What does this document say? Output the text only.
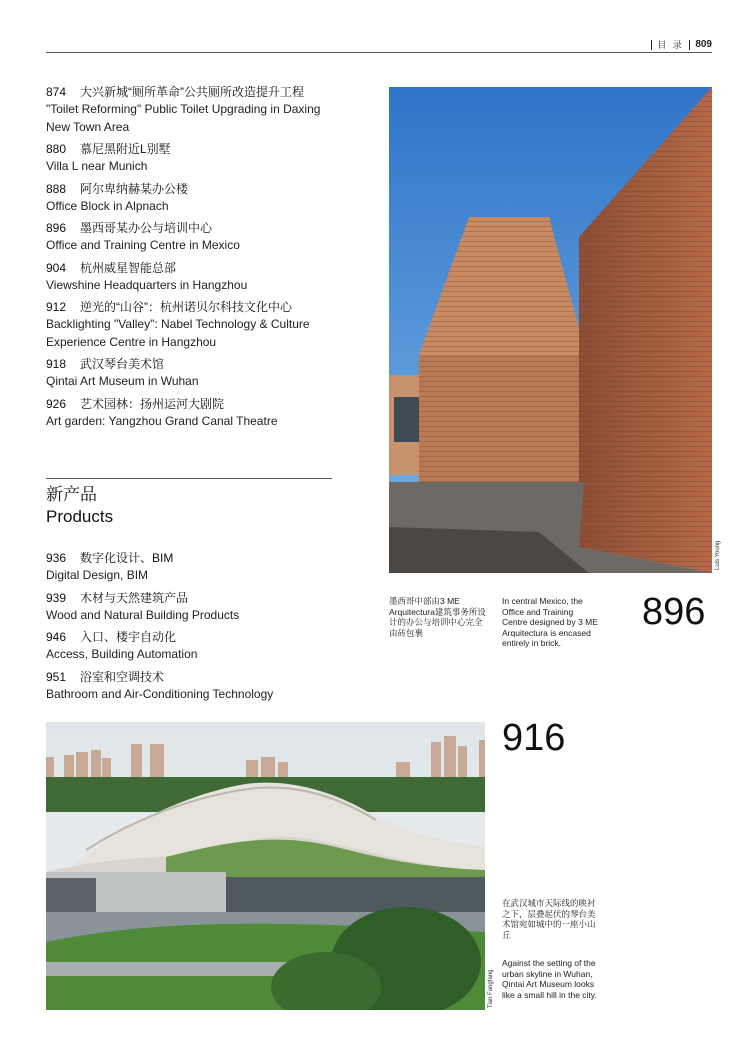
目 录 809
874 大兴新城“厕所革命”公共厕所改造提升工程
"Toilet Reforming" Public Toilet Upgrading in Daxing New Town Area
880 慕尼黑附近L别墅
Villa L near Munich
888 阿尔卑纳赫某办公楼
Office Block in Alpnach
896 墨西哥某办公与培训中心
Office and Training Centre in Mexico
904 杭州威星智能总部
Viewshine Headquarters in Hangzhou
912 逆光的“山谷”：杭州诺贝尔科技文化中心
Backlighting "Valley": Nabel Technology & Culture Experience Centre in Hangzhou
918 武汉琴台美术馆
Qintai Art Museum in Wuhan
926 艺术园林：扬州运河大剧院
Art garden: Yangzhou Grand Canal Theatre
新产品
Products
936 数字化设计、BIM
Digital Design, BIM
939 木材与天然建筑产品
Wood and Natural Building Products
946 入口、楼宇自动化
Access, Building Automation
951 浴室和空调技术
Bathroom and Air-Conditioning Technology
Luis Young
墨西哥中部由3 ME Arquitectura建筑事务所设计的办公与培训中心完全由砖包裹
In central Mexico, the Office and Training Centre designed by 3 ME Arquitectura is encased entirely in brick.
896
Tian Fangfang
916
在武汉城市天际线的映衬之下，层叠起伏的琴台美术馆宛如城中的一座小山丘
Against the setting of the urban skyline in Wuhan, Qintai Art Museum looks like a small hill in the city.
